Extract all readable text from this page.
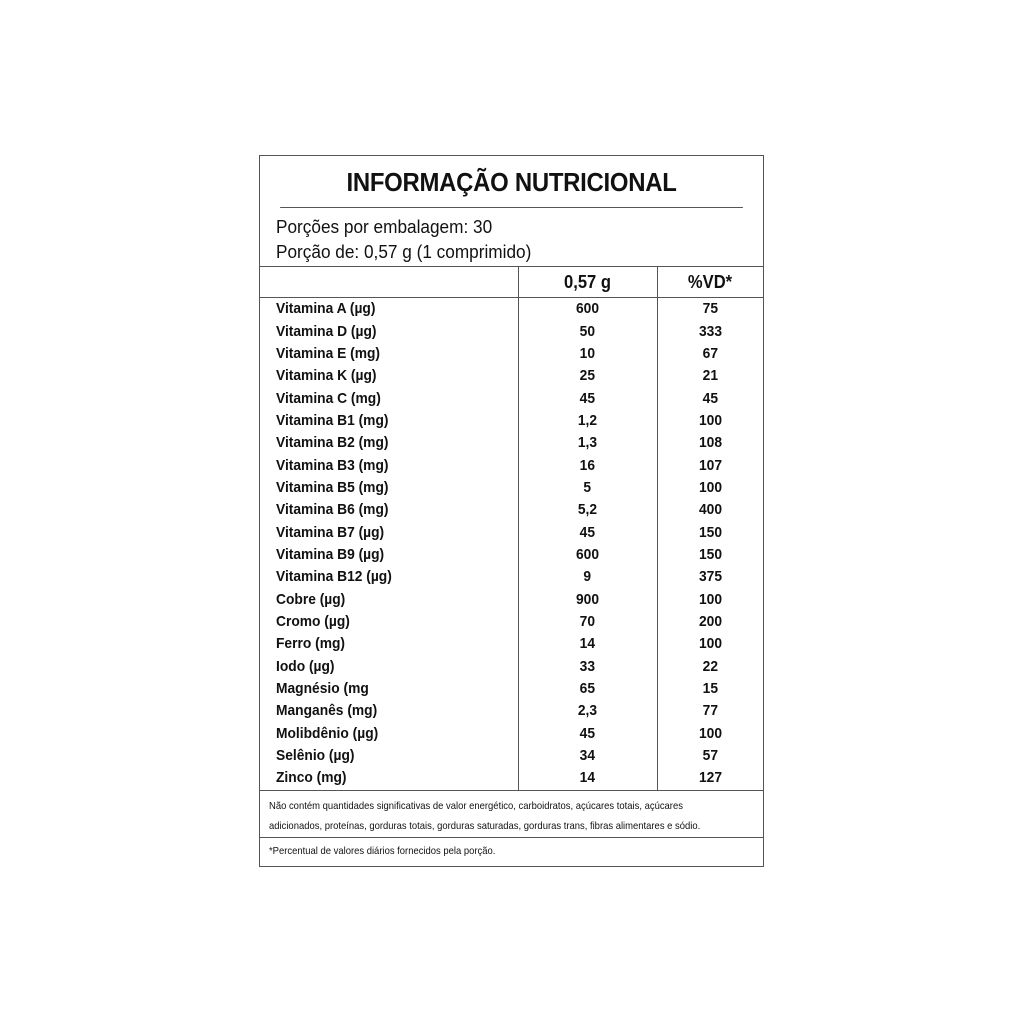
INFORMAÇÃO NUTRICIONAL
Porções por embalagem: 30
Porção de: 0,57 g (1 comprimido)
	0,57 g	%VD*
Vitamina A (µg)	600	75
Vitamina D (µg)	50	333
Vitamina E (mg)	10	67
Vitamina K (µg)	25	21
Vitamina C (mg)	45	45
Vitamina B1 (mg)	1,2	100
Vitamina B2 (mg)	1,3	108
Vitamina B3 (mg)	16	107
Vitamina B5 (mg)	5	100
Vitamina B6 (mg)	5,2	400
Vitamina B7 (µg)	45	150
Vitamina B9 (µg)	600	150
Vitamina B12 (µg)	9	375
Cobre (µg)	900	100
Cromo (µg)	70	200
Ferro (mg)	14	100
Iodo (µg)	33	22
Magnésio (mg	65	15
Manganês (mg)	2,3	77
Molibdênio (µg)	45	100
Selênio (µg)	34	57
Zinco (mg)	14	127
Não contém quantidades significativas de valor energético, carboidratos, açúcares totais, açúcares
adicionados, proteínas, gorduras totais, gorduras saturadas, gorduras trans, fibras alimentares e sódio.
*Percentual de valores diários fornecidos pela porção.
